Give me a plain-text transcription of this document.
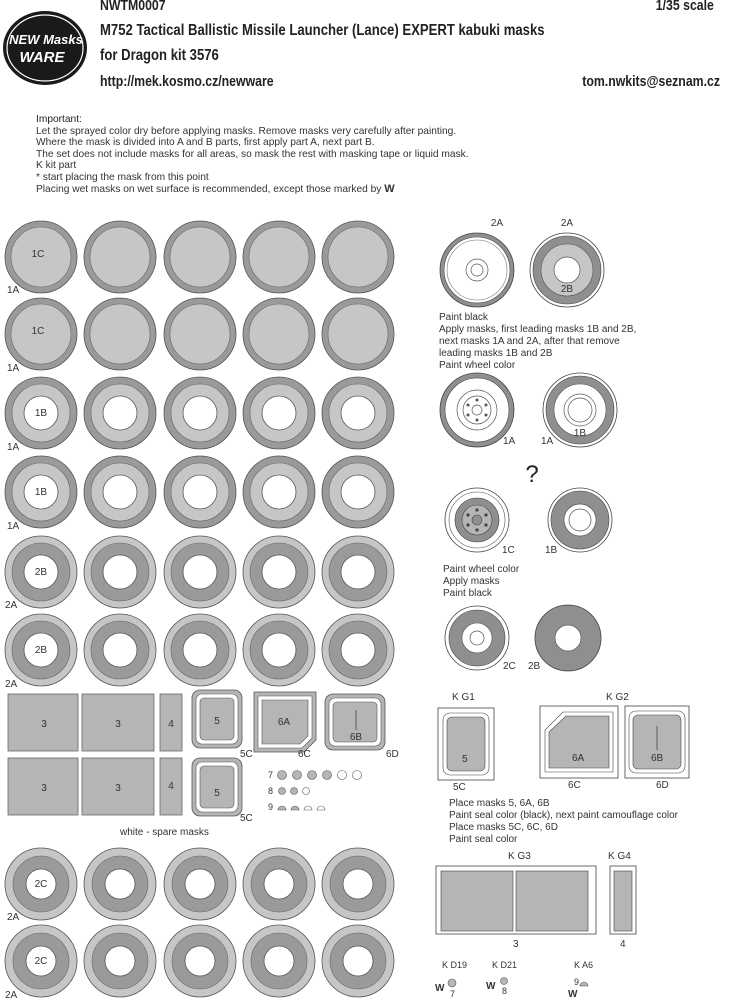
NWTM0007	1/35 scale
M752 Tactical Ballistic Missile Launcher (Lance) EXPERT kabuki masks
for Dragon kit 3576
http://mek.kosmo.cz/newware	tom.nwkits@seznam.cz
NEW Masks
WARE
Important:
Let the sprayed color dry before applying masks. Remove masks very carefully after painting.
Where the mask is divided into A and B parts, first apply part A, next part B.
The set does not include masks for all areas, so mask the rest with masking tape or liquid mask.
K kit part
* start placing the mask from this point
Placing wet masks on wet surface is recommended, except those marked by W
1C
1A
1C
1A
1B
1A
1B
1A
2B
2A
2B
2A
3	3	4
3	3	4
5
5C
6A
6C
6B
6D
5
5C
7
8
9
white - spare masks
2C
2A
2C
2A
2A	2A
2B
Paint black
Apply masks, first leading masks 1B and 2B,
next masks 1A and 2A, after that remove
leading masks 1B and 2B
Paint wheel color
1A
1B
1A
?
1C	1B
Paint wheel color
Apply masks
Paint black
2C 2B
K G1
5
5C
K G2
6A
6C
6B
6D
Place masks 5, 6A, 6B
Paint seal color (black), next paint camouflage color
Place masks 5C, 6C, 6D
Paint seal color
K G3
3
K G4
4
K D19
W 7
K D21
W 8
K A6
9
W
